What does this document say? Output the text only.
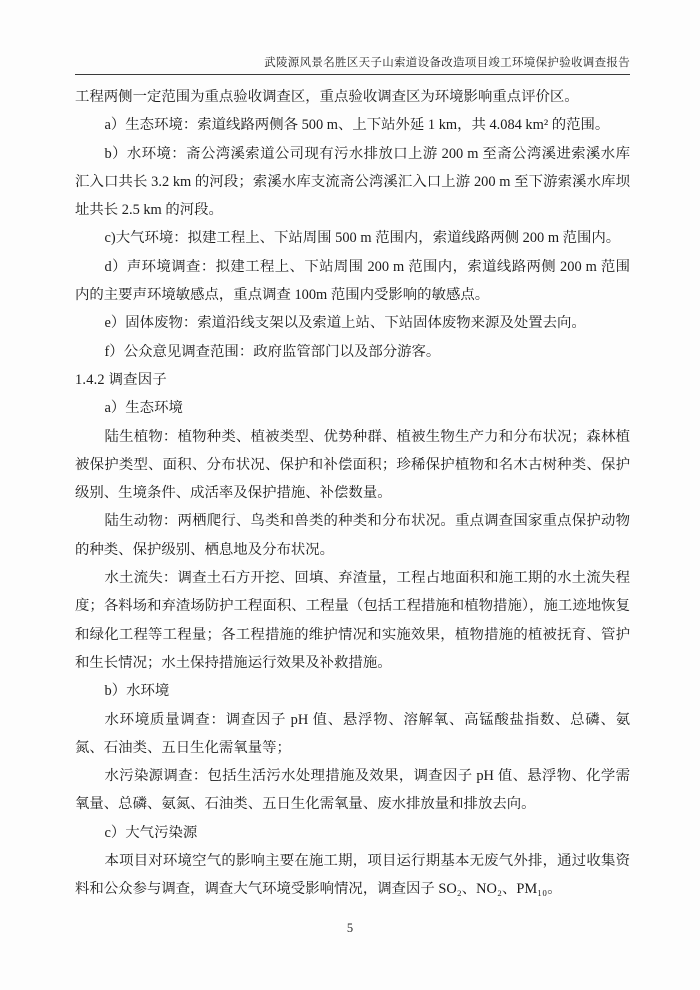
武陵源风景名胜区天子山索道设备改造项目竣工环境保护验收调查报告

工程两侧一定范围为重点验收调查区，重点验收调查区为环境影响重点评价区。

a）生态环境：索道线路两侧各 500 m、上下站外延 1 km，共 4.084 km² 的范围。

b）水环境：斋公湾溪索道公司现有污水排放口上游 200 m 至斋公湾溪进索溪水库汇入口共长 3.2 km 的河段；索溪水库支流斋公湾溪汇入口上游 200 m 至下游索溪水库坝址共长 2.5 km 的河段。

c)大气环境：拟建工程上、下站周围 500 m 范围内，索道线路两侧 200 m 范围内。

d）声环境调查：拟建工程上、下站周围 200 m 范围内，索道线路两侧 200 m 范围内的主要声环境敏感点，重点调查 100m 范围内受影响的敏感点。

e）固体废物：索道沿线支架以及索道上站、下站固体废物来源及处置去向。

f）公众意见调查范围：政府监管部门以及部分游客。

1.4.2 调查因子

a）生态环境

陆生植物：植物种类、植被类型、优势种群、植被生物生产力和分布状况；森林植被保护类型、面积、分布状况、保护和补偿面积；珍稀保护植物和名木古树种类、保护级别、生境条件、成活率及保护措施、补偿数量。

陆生动物：两栖爬行、鸟类和兽类的种类和分布状况。重点调查国家重点保护动物的种类、保护级别、栖息地及分布状况。

水土流失：调查土石方开挖、回填、弃渣量，工程占地面积和施工期的水土流失程度；各料场和弃渣场防护工程面积、工程量（包括工程措施和植物措施），施工迹地恢复和绿化工程等工程量；各工程措施的维护情况和实施效果，植物措施的植被抚育、管护和生长情况；水土保持措施运行效果及补救措施。

b）水环境

水环境质量调查：调查因子 pH 值、悬浮物、溶解氧、高锰酸盐指数、总磷、氨氮、石油类、五日生化需氧量等；

水污染源调查：包括生活污水处理措施及效果，调查因子 pH 值、悬浮物、化学需氧量、总磷、氨氮、石油类、五日生化需氧量、废水排放量和排放去向。

c）大气污染源

本项目对环境空气的影响主要在施工期，项目运行期基本无废气外排，通过收集资料和公众参与调查，调查大气环境受影响情况，调查因子 SO₂、NO₂、PM₁₀。

5
